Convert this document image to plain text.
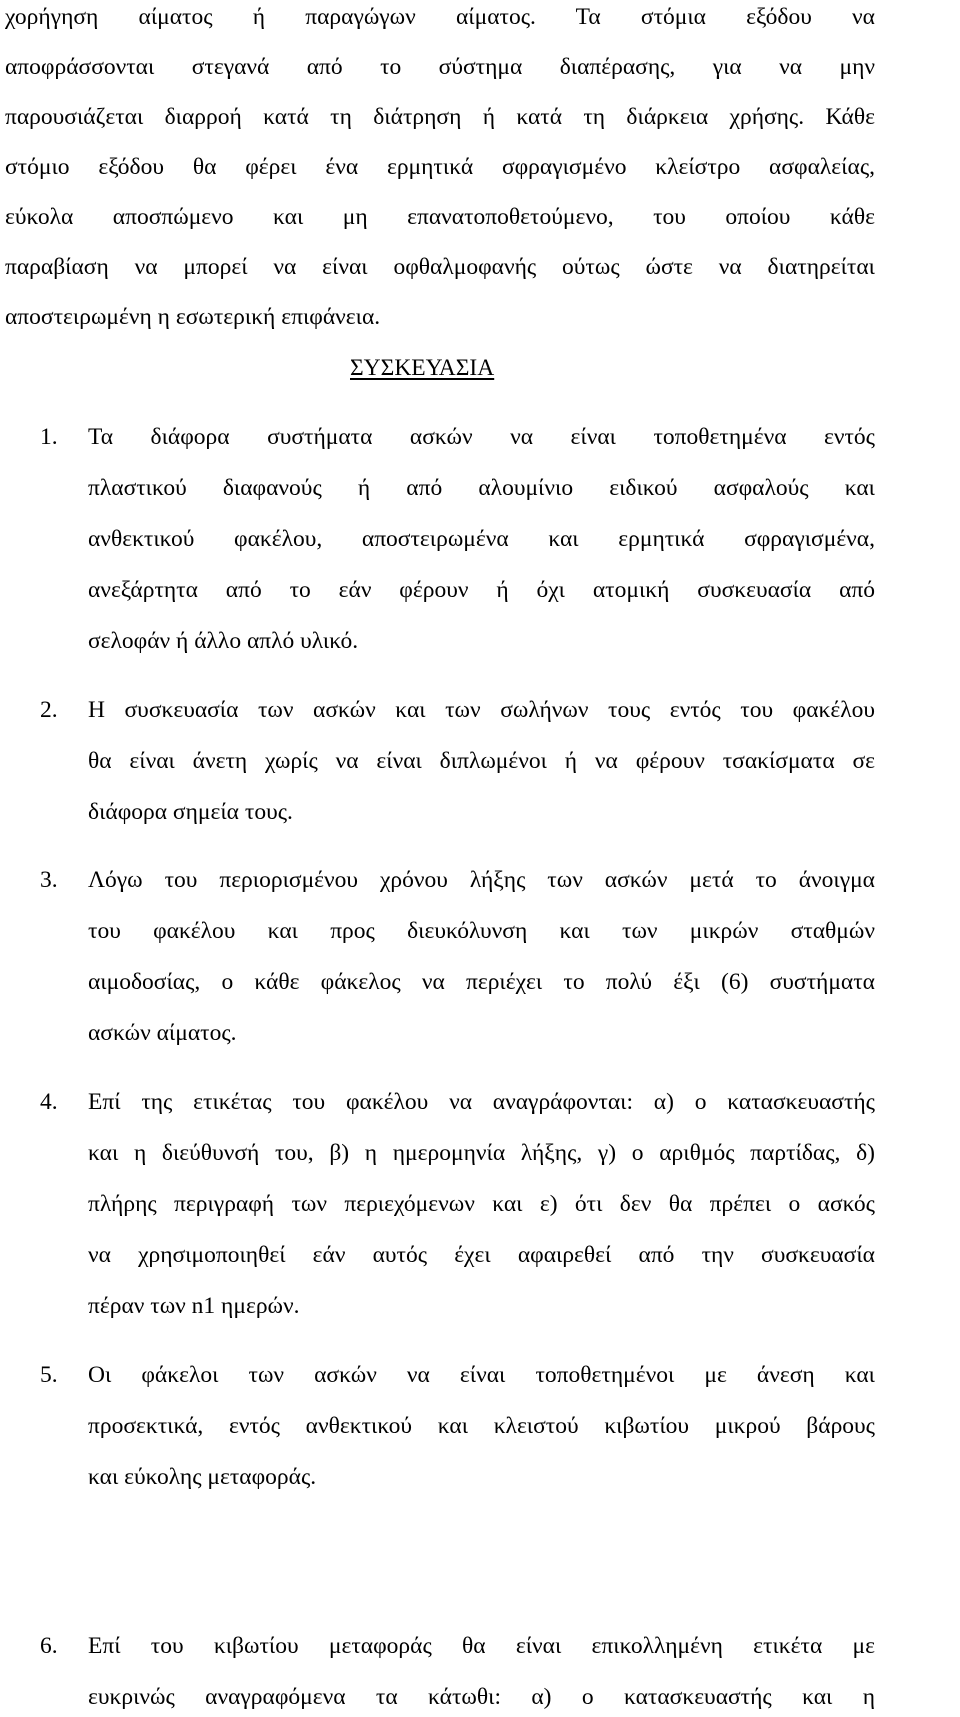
χορήγηση αίματος ή παραγώγων αίματος. Τα στόμια εξόδου να
αποφράσσονται στεγανά από το σύστημα διαπέρασης, για να μην
παρουσιάζεται διαρροή κατά τη διάτρηση ή κατά τη διάρκεια χρήσης. Κάθε
στόμιο εξόδου θα φέρει ένα ερμητικά σφραγισμένο κλείστρο ασφαλείας,
εύκολα αποσπώμενο και μη επανατοποθετούμενο, του οποίου κάθε
παραβίαση να μπορεί να είναι οφθαλμοφανής ούτως ώστε να διατηρείται
αποστειρωμένη η εσωτερική επιφάνεια.
ΣΥΣΚΕΥΑΣΙΑ
1. Τα διάφορα συστήματα ασκών να είναι τοποθετημένα εντός
πλαστικού διαφανούς ή από αλουμίνιο ειδικού ασφαλούς και
ανθεκτικού φακέλου, αποστειρωμένα και ερμητικά σφραγισμένα,
ανεξάρτητα από το εάν φέρουν ή όχι ατομική συσκευασία από
σελοφάν ή άλλο απλό υλικό.
2. Η συσκευασία των ασκών και των σωλήνων τους εντός του φακέλου
θα είναι άνετη χωρίς να είναι διπλωμένοι ή να φέρουν τσακίσματα σε
διάφορα σημεία τους.
3. Λόγω του περιορισμένου χρόνου λήξης των ασκών μετά το άνοιγμα
του φακέλου και προς διευκόλυνση και των μικρών σταθμών
αιμοδοσίας, ο κάθε φάκελος να περιέχει το πολύ έξι (6) συστήματα
ασκών αίματος.
4. Επί της ετικέτας του φακέλου να αναγράφονται: α) ο κατασκευαστής
και η διεύθυνσή του, β) η ημερομηνία λήξης, γ) ο αριθμός παρτίδας, δ)
πλήρης περιγραφή των περιεχόμενων και ε) ότι δεν θα πρέπει ο ασκός
να χρησιμοποιηθεί εάν αυτός έχει αφαιρεθεί από την συσκευασία
πέραν των n1 ημερών.
5. Οι φάκελοι των ασκών να είναι τοποθετημένοι με άνεση και
προσεκτικά, εντός ανθεκτικού και κλειστού κιβωτίου μικρού βάρους
και εύκολης μεταφοράς.
6. Επί του κιβωτίου μεταφοράς θα είναι επικολλημένη ετικέτα με
ευκρινώς αναγραφόμενα τα κάτωθι: α) ο κατασκευαστής και η
